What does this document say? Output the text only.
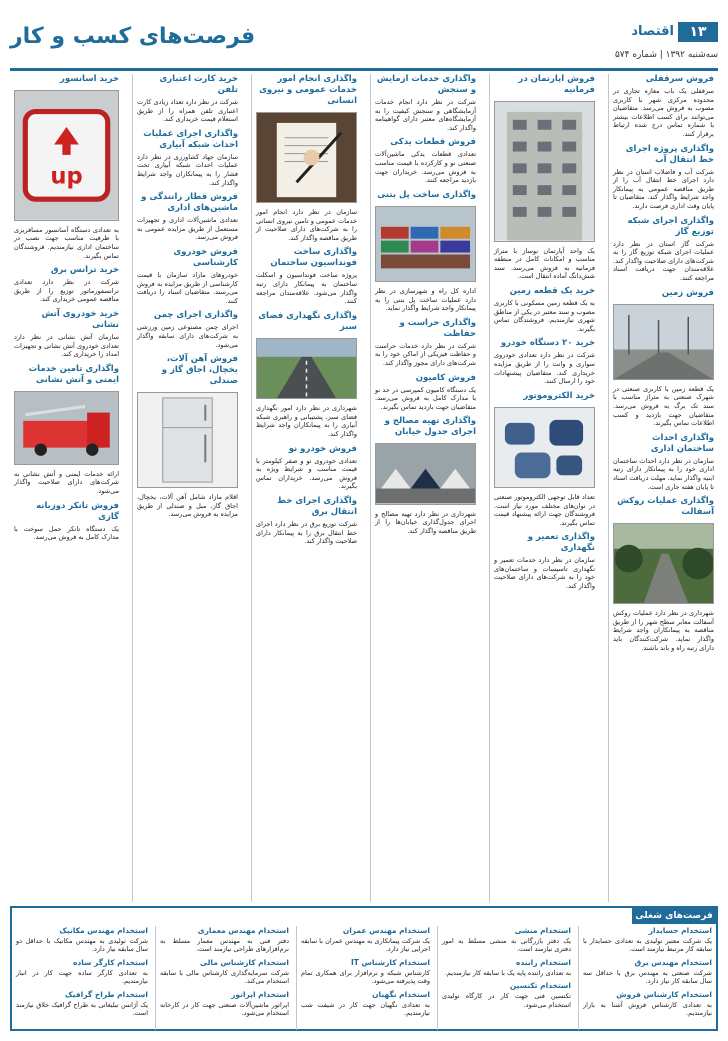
۱۳
اقتصاد
فرصت‌های کسب و کار
سه‌شنبه ۱۳۹۲ | شماره ۵۷۴
فروش سرقفلی

سرقفلی یک باب مغازه تجاری در محدوده مرکزی شهر با کاربری مصوب به فروش می‌رسد. متقاضیان می‌توانند برای کسب اطلاعات بیشتر با شماره تماس درج شده ارتباط برقرار کنند.

واگذاری پروژه اجرای خط انتقال آب

شرکت آب و فاضلاب استان در نظر دارد اجرای خط انتقال آب را از طریق مناقصه عمومی به پیمانکار واجد شرایط واگذار کند. متقاضیان تا پایان وقت اداری فرصت دارند.

واگذاری اجرای شبکه توزیع گاز

شرکت گاز استان در نظر دارد عملیات اجرای شبکه توزیع گاز را به شرکت‌های دارای صلاحیت واگذار کند. علاقه‌مندان جهت دریافت اسناد مراجعه کنند.

فروش زمین

یک قطعه زمین با کاربری صنعتی در شهرک صنعتی به متراژ مناسب با سند تک برگ به فروش می‌رسد. متقاضیان جهت بازدید و کسب اطلاعات تماس بگیرند.

واگذاری احداث ساختمان اداری

سازمان در نظر دارد احداث ساختمان اداری خود را به پیمانکار دارای رتبه ابنیه واگذار نماید. مهلت دریافت اسناد تا پایان هفته جاری است.

واگذاری عملیات روکش آسفالت

شهرداری در نظر دارد عملیات روکش آسفالت معابر سطح شهر را از طریق مناقصه به پیمانکاران واجد شرایط واگذار نماید. شرکت‌کنندگان باید دارای رتبه راه و باند باشند.

فروش آپارتمان در فرمانیه

یک واحد آپارتمان نوساز با متراژ مناسب و امکانات کامل در منطقه فرمانیه به فروش می‌رسد. سند شش‌دانگ آماده انتقال است.

خرید یک قطعه زمین

به یک قطعه زمین مسکونی با کاربری مصوب و سند معتبر در یکی از مناطق شهری نیازمندیم. فروشندگان تماس بگیرند.

خرید ۲۰ دستگاه خودرو

شرکت در نظر دارد تعدادی خودروی سواری و وانت را از طریق مزایده خریداری کند. متقاضیان پیشنهادات خود را ارسال کنند.

خرید الکتروموتور

تعداد قابل توجهی الکتروموتور صنعتی در توان‌های مختلف مورد نیاز است. فروشندگان جهت ارائه پیشنهاد قیمت تماس بگیرند.

واگذاری تعمیر و نگهداری

سازمان در نظر دارد خدمات تعمیر و نگهداری تاسیسات و ساختمان‌های خود را به شرکت‌های دارای صلاحیت واگذار کند.

واگذاری خدمات آزمایش و سنجش

شرکت در نظر دارد انجام خدمات آزمایشگاهی و سنجش کیفیت را به آزمایشگاه‌های معتبر دارای گواهینامه واگذار کند.

فروش قطعات یدکی

تعدادی قطعات یدکی ماشین‌آلات صنعتی نو و کارکرده با قیمت مناسب به فروش می‌رسد. خریداران جهت بازدید مراجعه کنند.

واگذاری ساخت پل بتنی

اداره کل راه و شهرسازی در نظر دارد عملیات ساخت پل بتنی را به پیمانکار واجد شرایط واگذار نماید.

واگذاری حراست و حفاظت

شرکت در نظر دارد خدمات حراست و حفاظت فیزیکی از اماکن خود را به شرکت‌های دارای مجوز واگذار کند.

فروش کامیون

یک دستگاه کامیون کمپرسی در حد نو با مدارک کامل به فروش می‌رسد. متقاضیان جهت بازدید تماس بگیرند.

واگذاری تهیه مصالح و اجرای جدول خیابان

شهرداری در نظر دارد تهیه مصالح و اجرای جدول‌گذاری خیابان‌ها را از طریق مناقصه واگذار کند.

واگذاری انجام امور خدمات عمومی و نیروی انسانی

سازمان در نظر دارد انجام امور خدمات عمومی و تامین نیروی انسانی را به شرکت‌های دارای صلاحیت از طریق مناقصه واگذار کند.

واگذاری ساخت فونداسیون ساختمان

پروژه ساخت فونداسیون و اسکلت ساختمان به پیمانکار دارای رتبه واگذار می‌شود. علاقه‌مندان مراجعه کنند.

واگذاری نگهداری فضای سبز

شهرداری در نظر دارد امور نگهداری فضای سبز، پشتیبانی و راهبری شبکه آبیاری را به پیمانکاران واجد شرایط واگذار کند.

فروش خودرو نو

تعدادی خودروی نو و صفر کیلومتر با قیمت مناسب و شرایط ویژه به فروش می‌رسد. خریداران تماس بگیرند.

واگذاری اجرای خط انتقال برق

شرکت توزیع برق در نظر دارد اجرای خط انتقال برق را به پیمانکار دارای صلاحیت واگذار کند.

خرید کارت اعتباری تلفن

شرکت در نظر دارد تعداد زیادی کارت اعتباری تلفن همراه را از طریق استعلام قیمت خریداری کند.

واگذاری اجرای عملیات احداث شبکه آبیاری

سازمان جهاد کشاورزی در نظر دارد عملیات احداث شبکه آبیاری تحت فشار را به پیمانکاران واجد شرایط واگذار کند.

فروش قطار رانندگی و ماشین‌های اداری

تعدادی ماشین‌آلات اداری و تجهیزات مستعمل از طریق مزایده عمومی به فروش می‌رسد.

فروش خودروی کارشناسی

خودروهای مازاد سازمان با قیمت کارشناسی از طریق مزایده به فروش می‌رسند. متقاضیان اسناد را دریافت کنند.

واگذاری اجرای چمن

اجرای چمن مصنوعی زمین ورزشی به شرکت‌های دارای سابقه واگذار می‌شود.

فروش آهن آلات، یخچال، اجاق گاز و صندلی

اقلام مازاد شامل آهن آلات، یخچال، اجاق گاز، مبل و صندلی از طریق مزایده به فروش می‌رسد.

خرید آسانسور
up

به تعدادی دستگاه آسانسور مسافربری با ظرفیت مناسب جهت نصب در ساختمان اداری نیازمندیم. فروشندگان تماس بگیرند.

خرید ترانس برق

شرکت در نظر دارد تعدادی ترانسفورماتور توزیع را از طریق مناقصه عمومی خریداری کند.

خرید خودروی آتش نشانی

سازمان آتش نشانی در نظر دارد تعدادی خودروی آتش نشانی و تجهیزات امداد را خریداری کند.

واگذاری تامین خدمات ایمنی و آتش نشانی

ارائه خدمات ایمنی و آتش نشانی به شرکت‌های دارای صلاحیت واگذار می‌شود.

فروش تانکر دوزبانه گازی

یک دستگاه تانکر حمل سوخت با مدارک کامل به فروش می‌رسد.

فرصت‌های شغلی
استخدام حسابدار

یک شرکت معتبر تولیدی به تعدادی حسابدار با سابقه کار مرتبط نیازمند است.

استخدام مهندس برق

شرکت صنعتی به مهندس برق با حداقل سه سال سابقه کار نیاز دارد.

استخدام کارشناس فروش

به تعدادی کارشناس فروش آشنا به بازار نیازمندیم.

استخدام منشی

یک دفتر بازرگانی به منشی مسلط به امور دفتری نیازمند است.

استخدام راننده

به تعدادی راننده پایه یک با سابقه کار نیازمندیم.

استخدام تکنسین

تکنسین فنی جهت کار در کارگاه تولیدی استخدام می‌شود.

استخدام مهندس عمران

یک شرکت پیمانکاری به مهندس عمران با سابقه اجرایی نیاز دارد.

استخدام کارشناس IT

کارشناس شبکه و نرم‌افزار برای همکاری تمام وقت پذیرفته می‌شود.

استخدام نگهبان

به تعدادی نگهبان جهت کار در شیفت شب نیازمندیم.

استخدام مهندس معماری

دفتر فنی به مهندس معمار مسلط به نرم‌افزارهای طراحی نیازمند است.

استخدام کارشناس مالی

شرکت سرمایه‌گذاری کارشناس مالی با سابقه استخدام می‌کند.

استخدام اپراتور

اپراتور ماشین‌آلات صنعتی جهت کار در کارخانه استخدام می‌شود.

استخدام مهندس مکانیک

شرکت تولیدی به مهندس مکانیک با حداقل دو سال سابقه نیاز دارد.

استخدام کارگر ساده

به تعدادی کارگر ساده جهت کار در انبار نیازمندیم.

استخدام طراح گرافیک

یک آژانس تبلیغاتی به طراح گرافیک خلاق نیازمند است.
